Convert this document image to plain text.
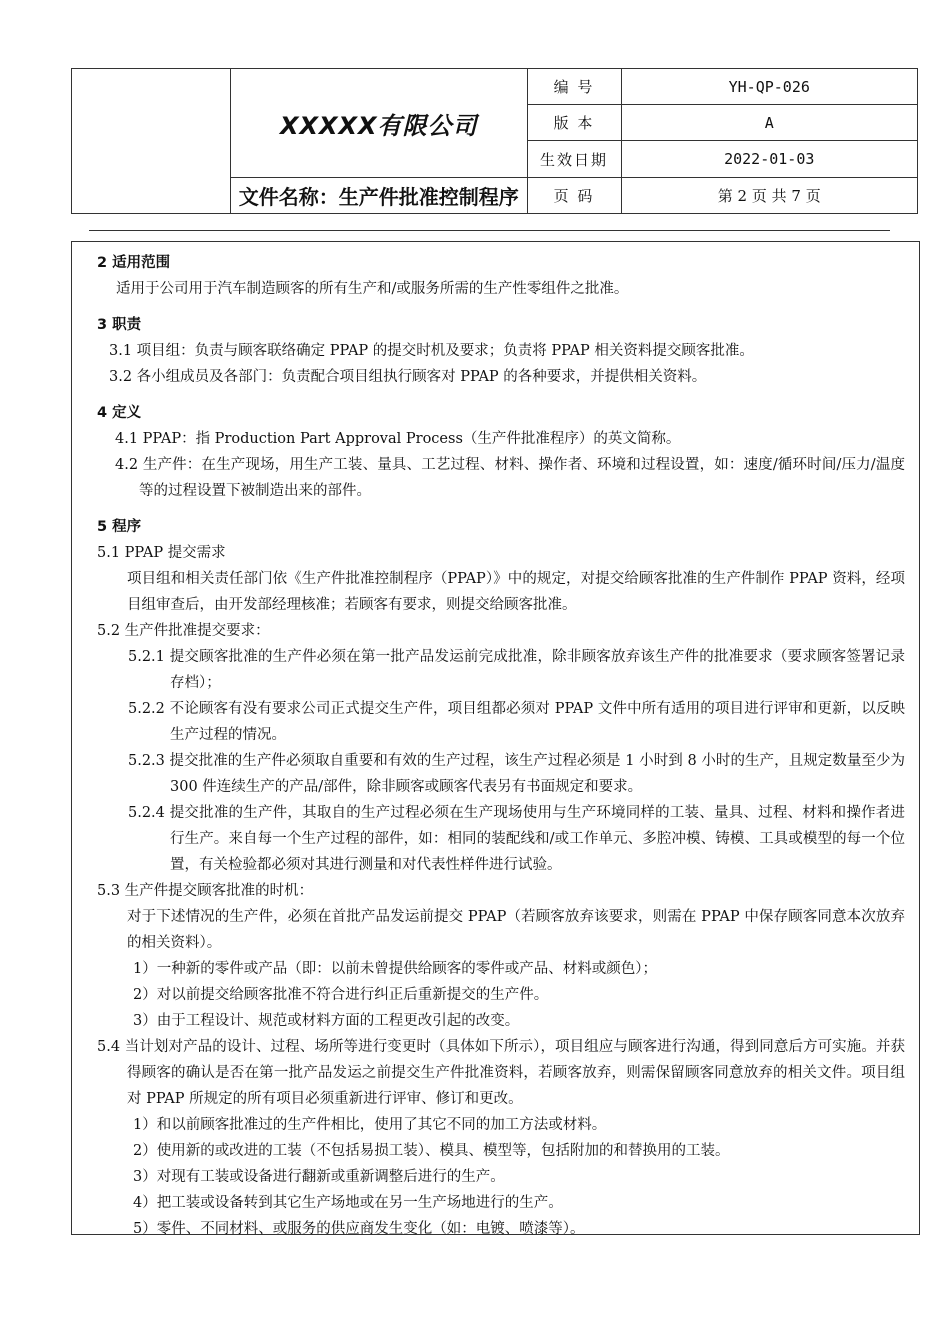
	XXXXX有限公司	编 号	YH-QP-026
		版 本	A
		生效日期	2022-01-03
	文件名称：生产件批准控制程序	页 码	第 2 页 共 7 页

2 适用范围

适用于公司用于汽车制造顾客的所有生产和/或服务所需的生产性零组件之批准。

3 职责

3.1 项目组：负责与顾客联络确定 PPAP 的提交时机及要求；负责将 PPAP 相关资料提交顾客批准。

3.2 各小组成员及各部门：负责配合项目组执行顾客对 PPAP 的各种要求，并提供相关资料。

4 定义

4.1 PPAP：指 Production Part Approval Process（生产件批准程序）的英文简称。

4.2 生产件：在生产现场，用生产工装、量具、工艺过程、材料、操作者、环境和过程设置，如：速度/循环时间/压力/温度等的过程设置下被制造出来的部件。

5 程序

5.1 PPAP 提交需求

项目组和相关责任部门依《生产件批准控制程序（PPAP）》中的规定，对提交给顾客批准的生产件制作 PPAP 资料，经项目组审查后，由开发部经理核准；若顾客有要求，则提交给顾客批准。

5.2 生产件批准提交要求：

5.2.1 提交顾客批准的生产件必须在第一批产品发运前完成批准，除非顾客放弃该生产件的批准要求（要求顾客签署记录存档）；

5.2.2 不论顾客有没有要求公司正式提交生产件，项目组都必须对 PPAP 文件中所有适用的项目进行评审和更新，以反映生产过程的情况。

5.2.3 提交批准的生产件必须取自重要和有效的生产过程，该生产过程必须是 1 小时到 8 小时的生产，且规定数量至少为 300 件连续生产的产品/部件，除非顾客或顾客代表另有书面规定和要求。

5.2.4 提交批准的生产件，其取自的生产过程必须在生产现场使用与生产环境同样的工装、量具、过程、材料和操作者进行生产。来自每一个生产过程的部件，如：相同的装配线和/或工作单元、多腔冲模、铸模、工具或模型的每一个位置，有关检验都必须对其进行测量和对代表性样件进行试验。

5.3 生产件提交顾客批准的时机：

对于下述情况的生产件，必须在首批产品发运前提交 PPAP（若顾客放弃该要求，则需在 PPAP 中保存顾客同意本次放弃的相关资料）。

1）一种新的零件或产品（即：以前未曾提供给顾客的零件或产品、材料或颜色）；

2）对以前提交给顾客批准不符合进行纠正后重新提交的生产件。

3）由于工程设计、规范或材料方面的工程更改引起的改变。

5.4 当计划对产品的设计、过程、场所等进行变更时（具体如下所示），项目组应与顾客进行沟通，得到同意后方可实施。并获得顾客的确认是否在第一批产品发运之前提交生产件批准资料，若顾客放弃，则需保留顾客同意放弃的相关文件。项目组对 PPAP 所规定的所有项目必须重新进行评审、修订和更改。

1）和以前顾客批准过的生产件相比，使用了其它不同的加工方法或材料。

2）使用新的或改进的工装（不包括易损工装）、模具、模型等，包括附加的和替换用的工装。

3）对现有工装或设备进行翻新或重新调整后进行的生产。

4）把工装或设备转到其它生产场地或在另一生产场地进行的生产。

5）零件、不同材料、或服务的供应商发生变化（如：电镀、喷漆等）。
